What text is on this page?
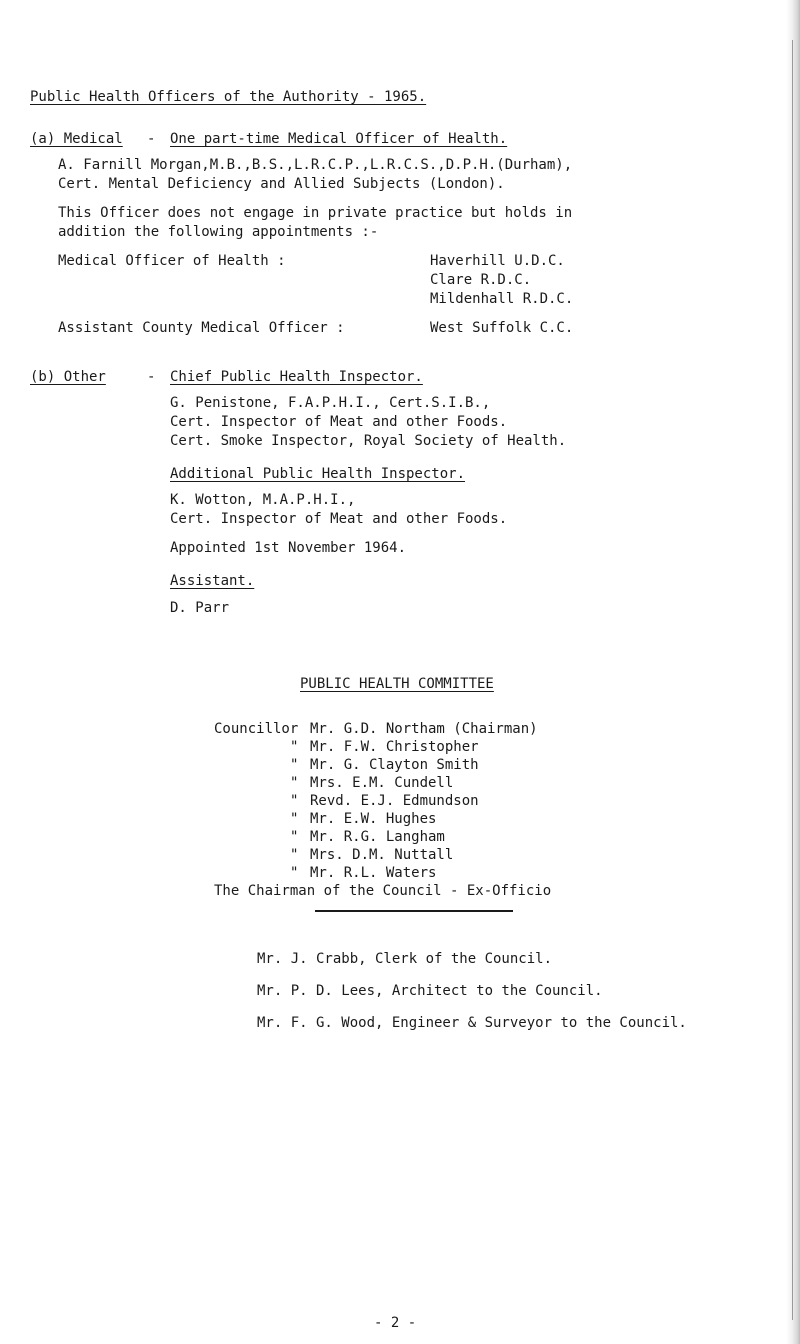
Public Health Officers of the Authority - 1965.
(a) Medical - One part-time Medical Officer of Health.
A. Farnill Morgan,M.B.,B.S.,L.R.C.P.,L.R.C.S.,D.P.H.(Durham),
Cert. Mental Deficiency and Allied Subjects (London).
This Officer does not engage in private practice but holds in
addition the following appointments :-
Medical Officer of Health :	Haverhill U.D.C.
Clare R.D.C.
Mildenhall R.D.C.
Assistant County Medical Officer :	West Suffolk C.C.
(b) Other	- Chief Public Health Inspector.
G. Penistone, F.A.P.H.I., Cert.S.I.B.,
Cert. Inspector of Meat and other Foods.
Cert. Smoke Inspector, Royal Society of Health.
Additional Public Health Inspector.
K. Wotton, M.A.P.H.I.,
Cert. Inspector of Meat and other Foods.
Appointed 1st November 1964.
Assistant.
D. Parr
PUBLIC HEALTH COMMITTEE
Councillor Mr. G.D. Northam (Chairman)
" Mr. F.W. Christopher
" Mr. G. Clayton Smith
" Mrs. E.M. Cundell
" Revd. E.J. Edmundson
" Mr. E.W. Hughes
" Mr. R.G. Langham
" Mrs. D.M. Nuttall
" Mr. R.L. Waters
The Chairman of the Council - Ex-Officio
Mr. J. Crabb, Clerk of the Council.
Mr. P. D. Lees, Architect to the Council.
Mr. F. G. Wood, Engineer & Surveyor to the Council.
- 2 -
